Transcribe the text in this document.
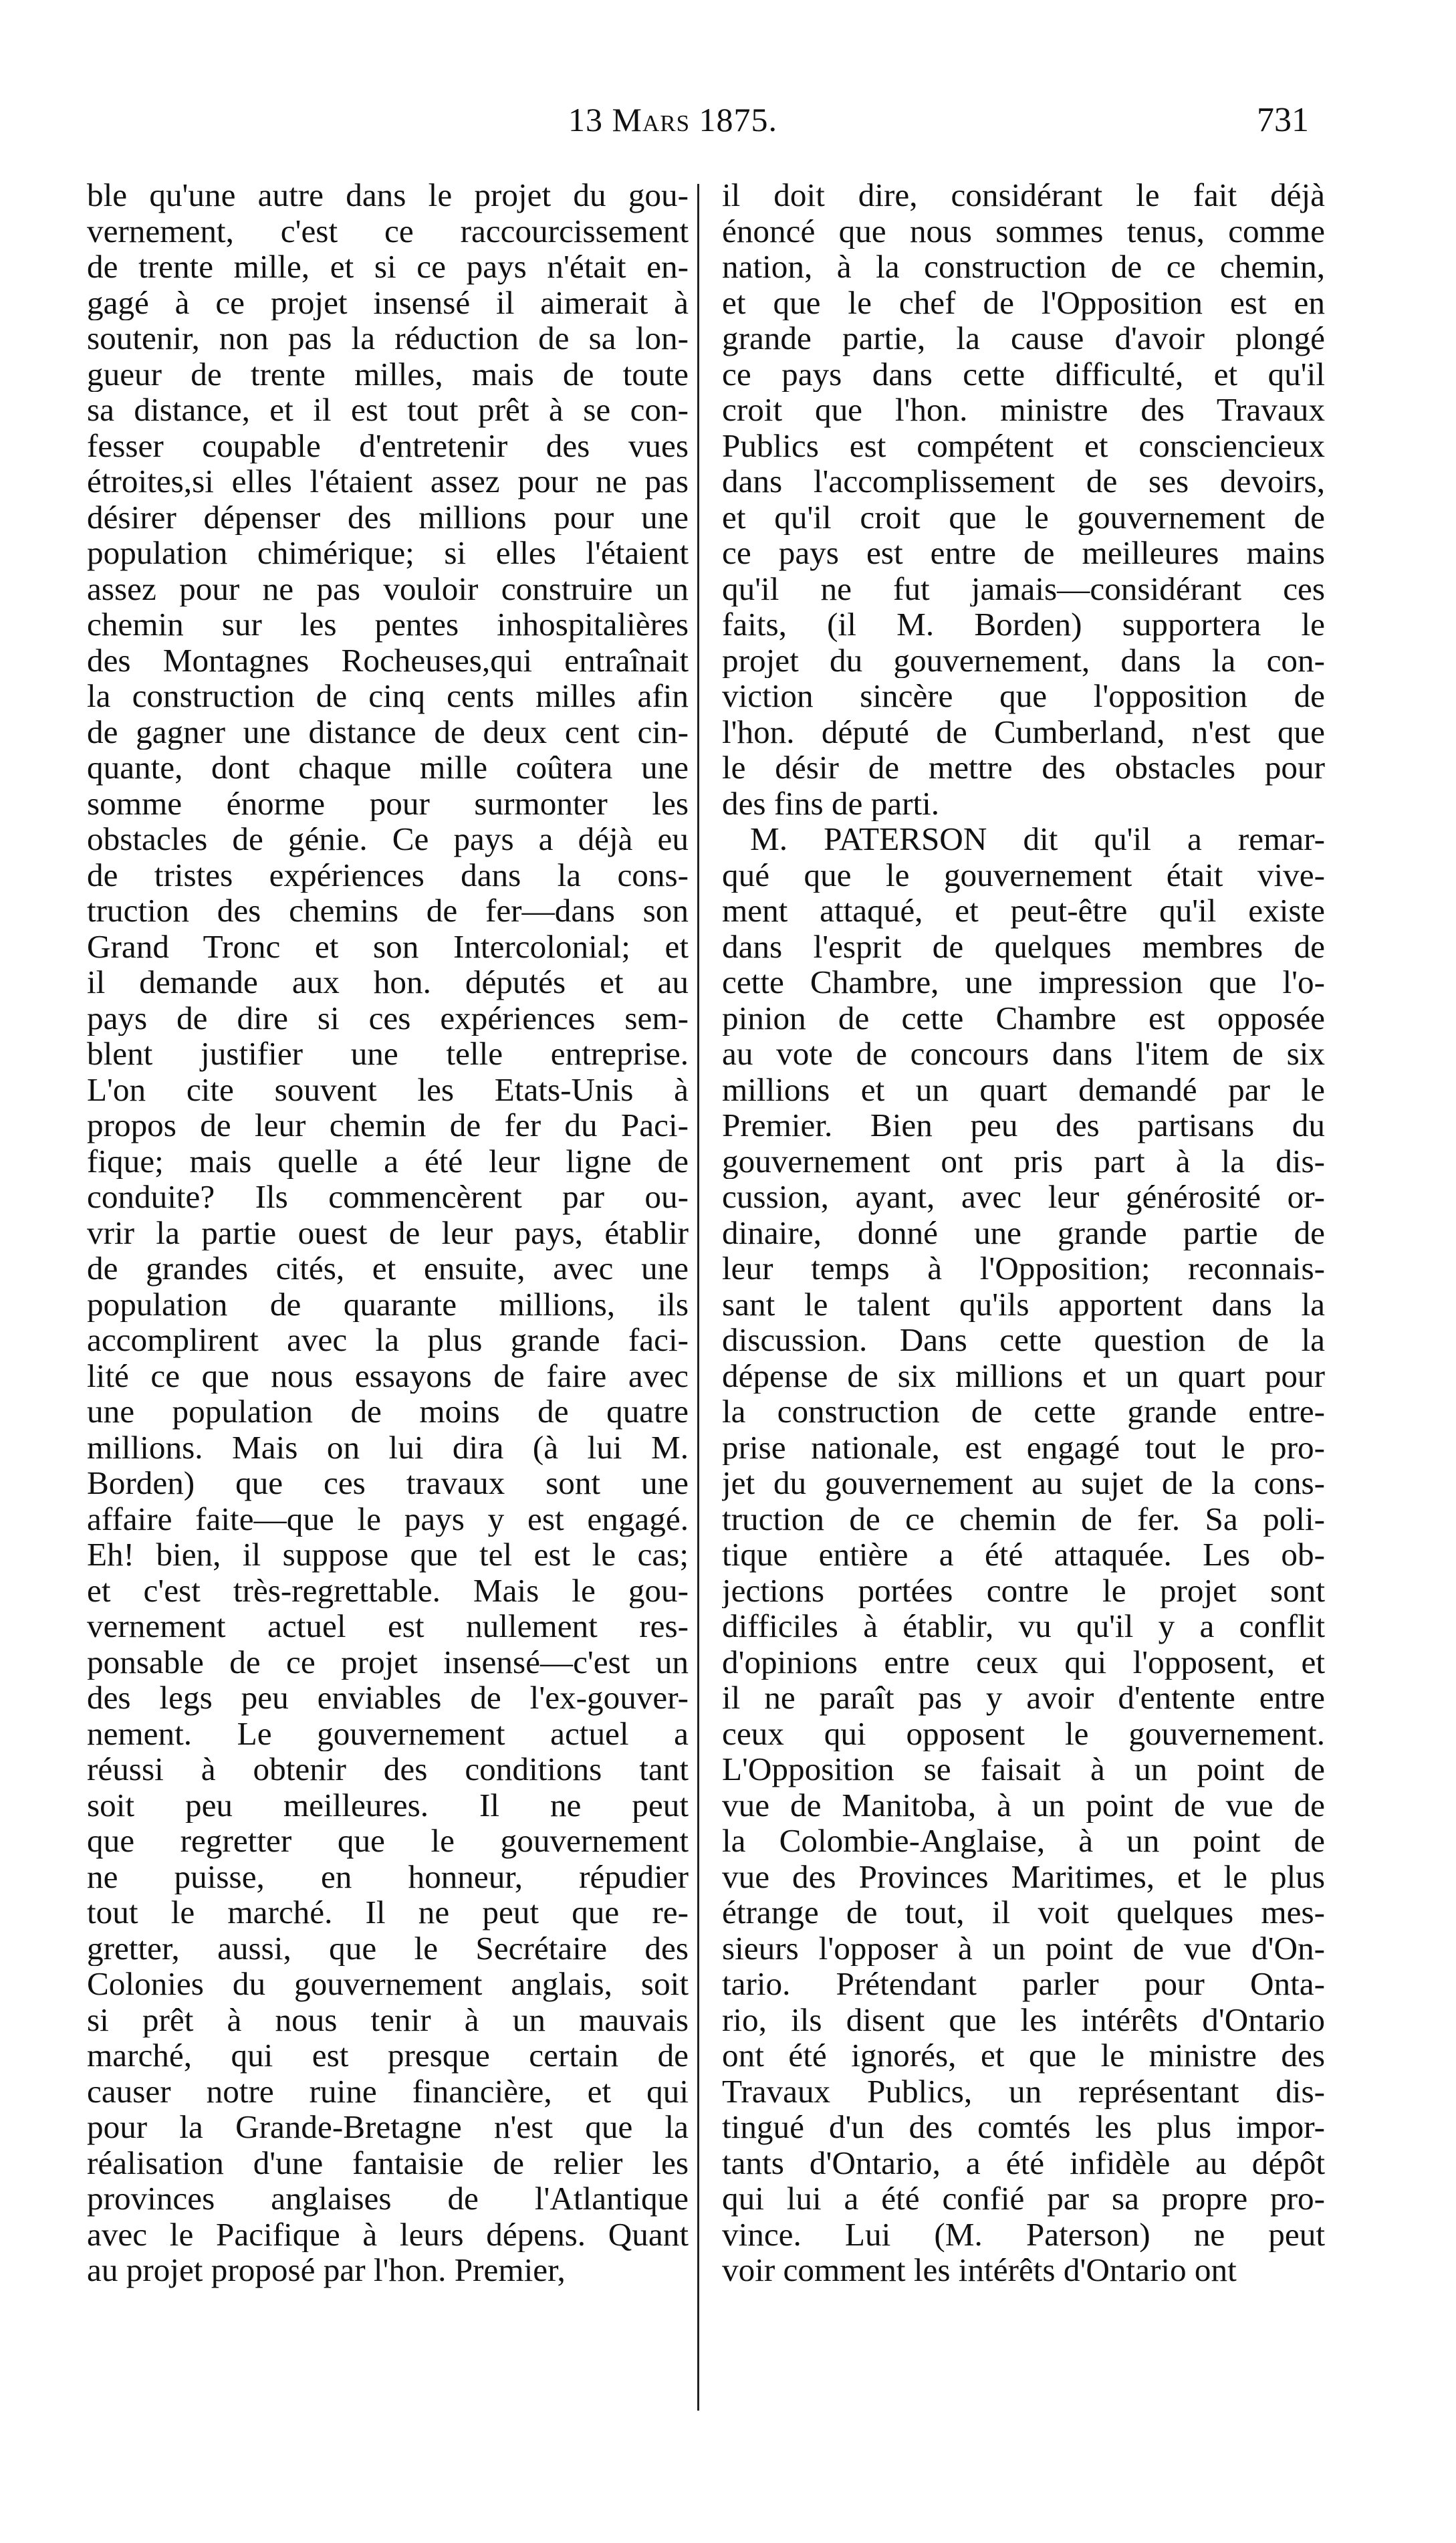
13 Mars 1875.	731
ble qu'une autre dans le projet du gou-
vernement, c'est ce raccourcissement
de trente mille, et si ce pays n'était en-
gagé à ce projet insensé il aimerait à
soutenir, non pas la réduction de sa lon-
gueur de trente milles, mais de toute
sa distance, et il est tout prêt à se con-
fesser coupable d'entretenir des vues
étroites,si elles l'étaient assez pour ne pas
désirer dépenser des millions pour une
population chimérique; si elles l'étaient
assez pour ne pas vouloir construire un
chemin sur les pentes inhospitalières
des Montagnes Rocheuses,qui entraînait
la construction de cinq cents milles afin
de gagner une distance de deux cent cin-
quante, dont chaque mille coûtera une
somme énorme pour surmonter les
obstacles de génie. Ce pays a déjà eu
de tristes expériences dans la cons-
truction des chemins de fer—dans son
Grand Tronc et son Intercolonial; et
il demande aux hon. députés et au
pays de dire si ces expériences sem-
blent justifier une telle entreprise.
L'on cite souvent les Etats-Unis à
propos de leur chemin de fer du Paci-
fique; mais quelle a été leur ligne de
conduite? Ils commencèrent par ou-
vrir la partie ouest de leur pays, établir
de grandes cités, et ensuite, avec une
population de quarante millions, ils
accomplirent avec la plus grande faci-
lité ce que nous essayons de faire avec
une population de moins de quatre
millions. Mais on lui dira (à lui M.
Borden) que ces travaux sont une
affaire faite—que le pays y est engagé.
Eh! bien, il suppose que tel est le cas;
et c'est très-regrettable. Mais le gou-
vernement actuel est nullement res-
ponsable de ce projet insensé—c'est un
des legs peu enviables de l'ex-gouver-
nement. Le gouvernement actuel a
réussi à obtenir des conditions tant
soit peu meilleures. Il ne peut
que regretter que le gouvernement
ne puisse, en honneur, répudier
tout le marché. Il ne peut que re-
gretter, aussi, que le Secrétaire des
Colonies du gouvernement anglais, soit
si prêt à nous tenir à un mauvais
marché, qui est presque certain de
causer notre ruine financière, et qui
pour la Grande-Bretagne n'est que la
réalisation d'une fantaisie de relier les
provinces anglaises de l'Atlantique
avec le Pacifique à leurs dépens. Quant
au projet proposé par l'hon. Premier,
il doit dire, considérant le fait déjà
énoncé que nous sommes tenus, comme
nation, à la construction de ce chemin,
et que le chef de l'Opposition est en
grande partie, la cause d'avoir plongé
ce pays dans cette difficulté, et qu'il
croit que l'hon. ministre des Travaux
Publics est compétent et consciencieux
dans l'accomplissement de ses devoirs,
et qu'il croit que le gouvernement de
ce pays est entre de meilleures mains
qu'il ne fut jamais—considérant ces
faits, (il M. Borden) supportera le
projet du gouvernement, dans la con-
viction sincère que l'opposition de
l'hon. député de Cumberland, n'est que
le désir de mettre des obstacles pour
des fins de parti.
M. PATERSON dit qu'il a remar-
qué que le gouvernement était vive-
ment attaqué, et peut-être qu'il existe
dans l'esprit de quelques membres de
cette Chambre, une impression que l'o-
pinion de cette Chambre est opposée
au vote de concours dans l'item de six
millions et un quart demandé par le
Premier. Bien peu des partisans du
gouvernement ont pris part à la dis-
cussion, ayant, avec leur générosité or-
dinaire, donné une grande partie de
leur temps à l'Opposition; reconnais-
sant le talent qu'ils apportent dans la
discussion. Dans cette question de la
dépense de six millions et un quart pour
la construction de cette grande entre-
prise nationale, est engagé tout le pro-
jet du gouvernement au sujet de la cons-
truction de ce chemin de fer. Sa poli-
tique entière a été attaquée. Les ob-
jections portées contre le projet sont
difficiles à établir, vu qu'il y a conflit
d'opinions entre ceux qui l'opposent, et
il ne paraît pas y avoir d'entente entre
ceux qui opposent le gouvernement.
L'Opposition se faisait à un point de
vue de Manitoba, à un point de vue de
la Colombie-Anglaise, à un point de
vue des Provinces Maritimes, et le plus
étrange de tout, il voit quelques mes-
sieurs l'opposer à un point de vue d'On-
tario. Prétendant parler pour Onta-
rio, ils disent que les intérêts d'Ontario
ont été ignorés, et que le ministre des
Travaux Publics, un représentant dis-
tingué d'un des comtés les plus impor-
tants d'Ontario, a été infidèle au dépôt
qui lui a été confié par sa propre pro-
vince. Lui (M. Paterson) ne peut
voir comment les intérêts d'Ontario ont
